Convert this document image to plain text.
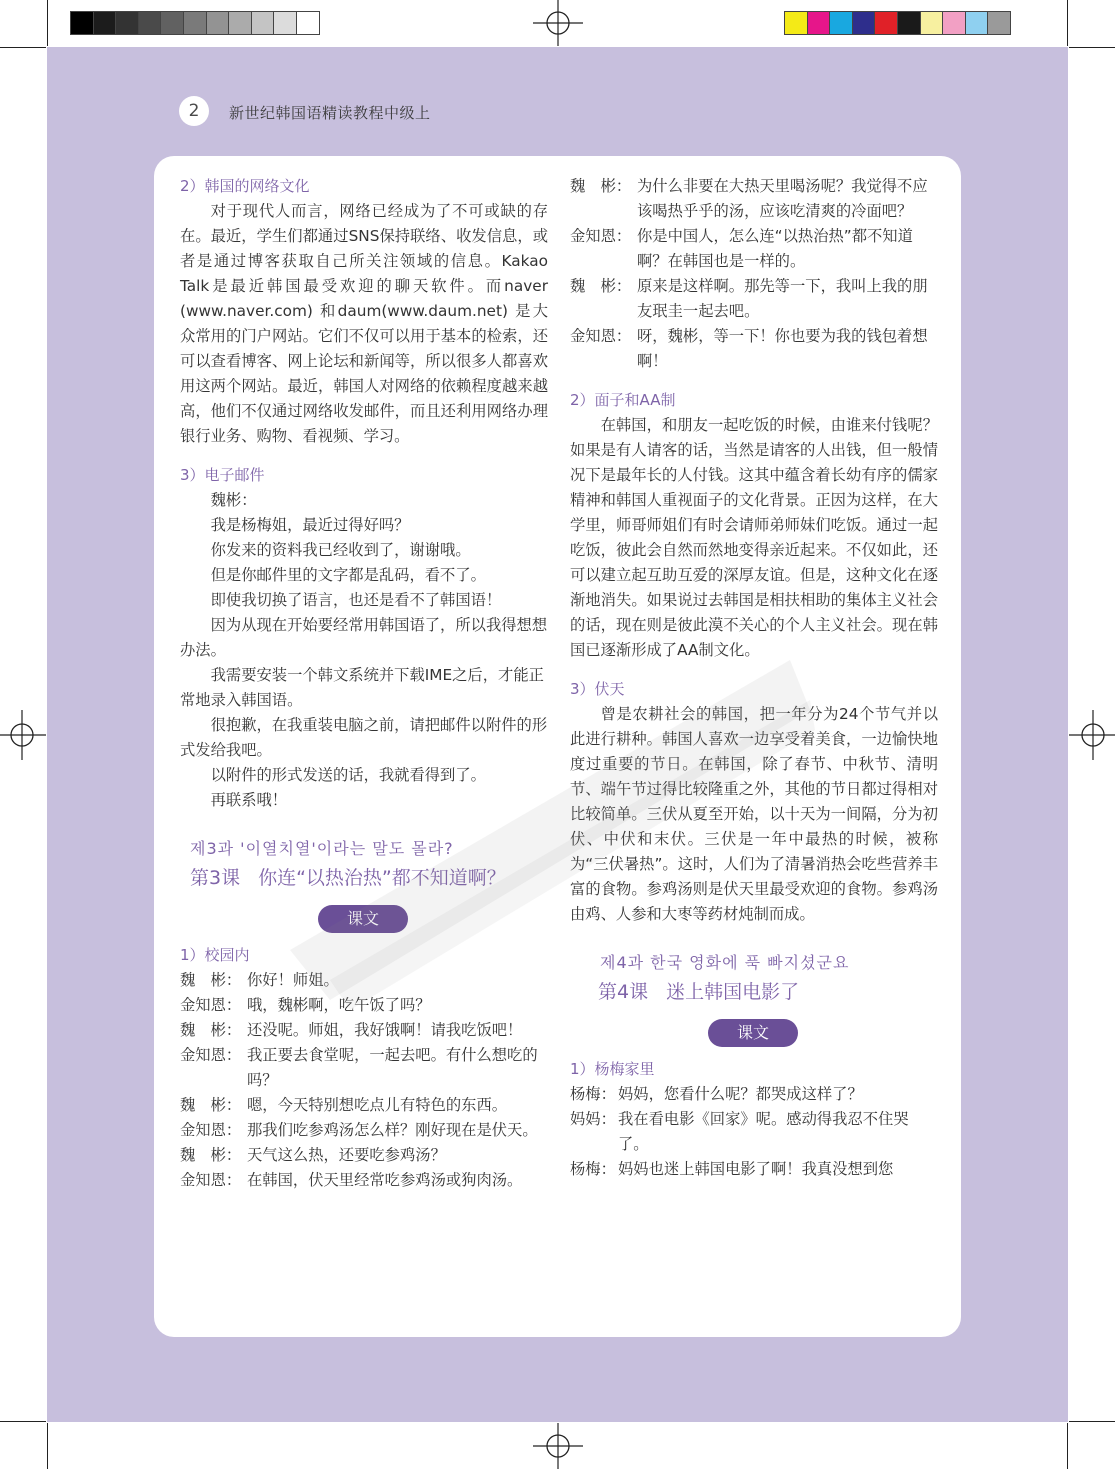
2	新世纪韩国语精读教程中级上
2）韩国的网络文化
对于现代人而言，网络已经成为了不可或缺的存在。最近，学生们都通过SNS保持联络、收发信息，或者是通过博客获取自己所关注领域的信息。Kakao Talk是最近韩国最受欢迎的聊天软件。而naver (www.naver.com) 和daum(www.daum.net) 是大众常用的门户网站。它们不仅可以用于基本的检索，还可以查看博客、网上论坛和新闻等，所以很多人都喜欢用这两个网站。最近，韩国人对网络的依赖程度越来越高，他们不仅通过网络收发邮件，而且还利用网络办理银行业务、购物、看视频、学习。
3）电子邮件
魏彬：
我是杨梅姐，最近过得好吗？
你发来的资料我已经收到了，谢谢哦。
但是你邮件里的文字都是乱码，看不了。
即使我切换了语言，也还是看不了韩国语！
因为从现在开始要经常用韩国语了，所以我得想想办法。
我需要安装一个韩文系统并下载IME之后，才能正常地录入韩国语。
很抱歉，在我重装电脑之前，请把邮件以附件的形式发给我吧。
以附件的形式发送的话，我就看得到了。
再联系哦！
제3과 '이열치열'이라는 말도 몰라?
第3课 你连“以热治热”都不知道啊？
课文
1）校园内
魏　彬： 你好！师姐。
金知恩： 哦，魏彬啊，吃午饭了吗？
魏　彬： 还没呢。师姐，我好饿啊！请我吃饭吧！
金知恩： 我正要去食堂呢，一起去吧。有什么想吃的吗？
魏　彬： 嗯，今天特别想吃点儿有特色的东西。
金知恩： 那我们吃参鸡汤怎么样？刚好现在是伏天。
魏　彬： 天气这么热，还要吃参鸡汤？
金知恩： 在韩国，伏天里经常吃参鸡汤或狗肉汤。
魏　彬： 为什么非要在大热天里喝汤呢？我觉得不应该喝热乎乎的汤，应该吃清爽的冷面吧？
金知恩： 你是中国人，怎么连“以热治热”都不知道啊？在韩国也是一样的。
魏　彬： 原来是这样啊。那先等一下，我叫上我的朋友珉圭一起去吧。
金知恩： 呀，魏彬，等一下！你也要为我的钱包着想啊！
2）面子和AA制
在韩国，和朋友一起吃饭的时候，由谁来付钱呢？如果是有人请客的话，当然是请客的人出钱，但一般情况下是最年长的人付钱。这其中蕴含着长幼有序的儒家精神和韩国人重视面子的文化背景。正因为这样，在大学里，师哥师姐们有时会请师弟师妹们吃饭。通过一起吃饭，彼此会自然而然地变得亲近起来。不仅如此，还可以建立起互助互爱的深厚友谊。但是，这种文化在逐渐地消失。如果说过去韩国是相扶相助的集体主义社会的话，现在则是彼此漠不关心的个人主义社会。现在韩国已逐渐形成了AA制文化。
3）伏天
曾是农耕社会的韩国，把一年分为24个节气并以此进行耕种。韩国人喜欢一边享受着美食，一边愉快地度过重要的节日。在韩国，除了春节、中秋节、清明节、端午节过得比较隆重之外，其他的节日都过得相对比较简单。三伏从夏至开始，以十天为一间隔，分为初伏、中伏和末伏。三伏是一年中最热的时候，被称为“三伏暑热”。这时，人们为了清暑消热会吃些营养丰富的食物。参鸡汤则是伏天里最受欢迎的食物。参鸡汤由鸡、人参和大枣等药材炖制而成。
제4과 한국 영화에 푹 빠지셨군요
第4课 迷上韩国电影了
课文
1）杨梅家里
杨梅： 妈妈，您看什么呢？都哭成这样了？
妈妈： 我在看电影《回家》呢。感动得我忍不住哭了。
杨梅： 妈妈也迷上韩国电影了啊！我真没想到您
